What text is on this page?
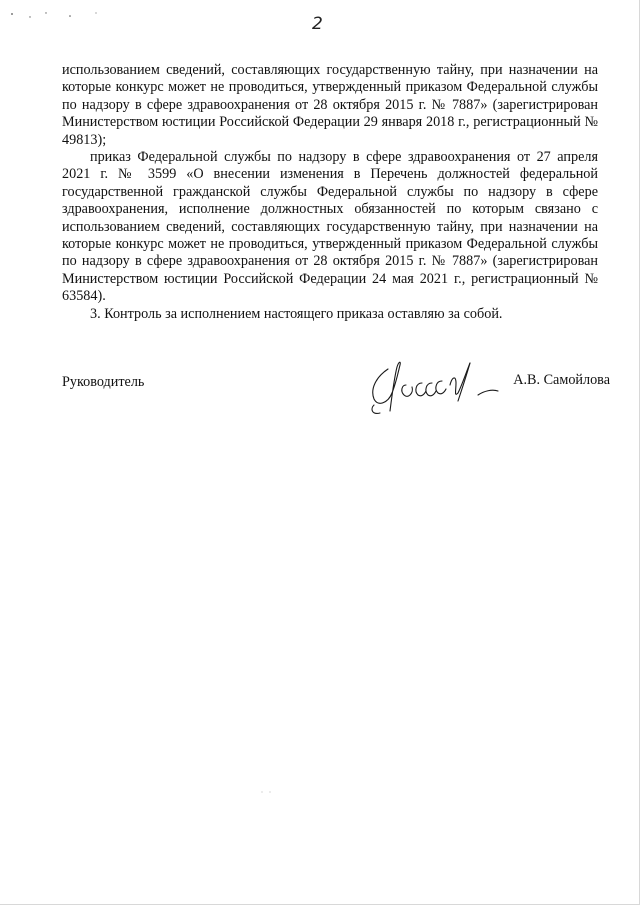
2

использованием сведений, составляющих государственную тайну, при назначении на которые конкурс может не проводиться, утвержденный приказом Федеральной службы по надзору в сфере здравоохранения от 28 октября 2015 г. № 7887» (зарегистрирован Министерством юстиции Российской Федерации 29 января 2018 г., регистрационный № 49813);

приказ Федеральной службы по надзору в сфере здравоохранения от 27 апреля 2021 г. № 3599 «О внесении изменения в Перечень должностей федеральной государственной гражданской службы Федеральной службы по надзору в сфере здравоохранения, исполнение должностных обязанностей по которым связано с использованием сведений, составляющих государственную тайну, при назначении на которые конкурс может не проводиться, утвержденный приказом Федеральной службы по надзору в сфере здравоохранения от 28 октября 2015 г. № 7887» (зарегистрирован Министерством юстиции Российской Федерации 24 мая 2021 г., регистрационный № 63584).

3. Контроль за исполнением настоящего приказа оставляю за собой.

Руководитель	А.В. Самойлова
